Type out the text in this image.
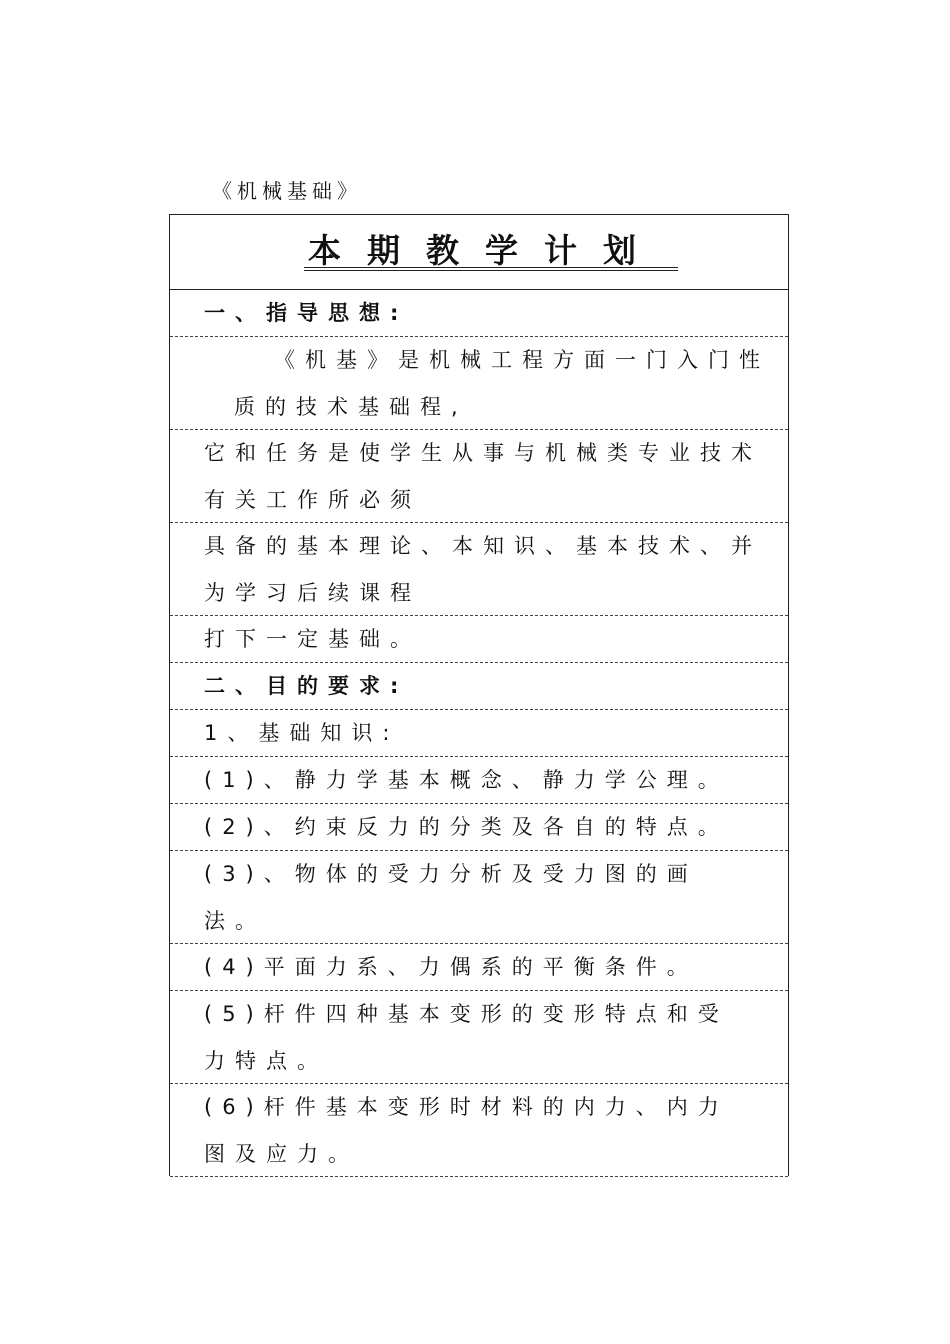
《机械基础》
本期教学计划
一、指导思想:
《机基》是机械工程方面一门入门性
质的技术基础程,
它和任务是使学生从事与机械类专业技术
有关工作所必须
具备的基本理论、本知识、基本技术、并
为学习后续课程
打下一定基础。
二、目的要求:
1、基础知识:
(1)、静力学基本概念、静力学公理。
(2)、约束反力的分类及各自的特点。
(3)、物体的受力分析及受力图的画
法。
(4)平面力系、力偶系的平衡条件。
(5)杆件四种基本变形的变形特点和受
力特点。
(6)杆件基本变形时材料的内力、内力
图及应力。
